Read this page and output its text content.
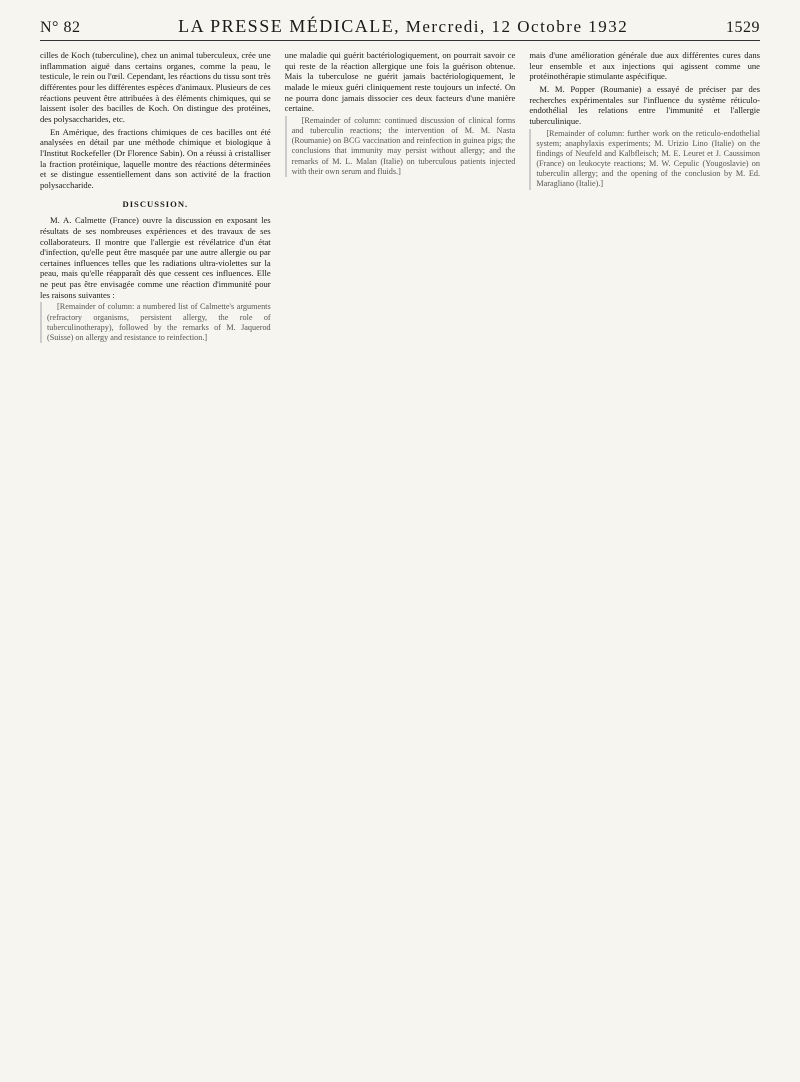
N° 82	LA PRESSE MÉDICALE, Mercredi, 12 Octobre 1932	1529

cilles de Koch (tuberculine), chez un animal tuberculeux, crée une inflammation aiguë dans certains organes, comme la peau, le testicule, le rein ou l'œil. Cependant, les réactions du tissu sont très différentes pour les différentes espèces d'animaux. Plusieurs de ces réactions peuvent être attribuées à des éléments chimiques, qui se laissent isoler des bacilles de Koch. On distingue des protéines, des polysaccharides, etc.

En Amérique, des fractions chimiques de ces bacilles ont été analysées en détail par une méthode chimique et biologique à l'Institut Rockefeller (Dr Florence Sabin). On a réussi à cristalliser la fraction protéinique, laquelle montre des réactions déterminées et se distingue essentiellement dans son activité de la fraction polysaccharide.

DISCUSSION.

M. A. Calmette (France) ouvre la discussion en exposant les résultats de ses nombreuses expériences et des travaux de ses collaborateurs. Il montre que l'allergie est révélatrice d'un état d'infection, qu'elle peut être masquée par une autre allergie ou par certaines influences telles que les radiations ultra-violettes sur la peau, mais qu'elle réapparaît dès que cessent ces influences. Elle ne peut pas être envisagée comme une réaction d'immunité pour les raisons suivantes :

[Remainder of column: a numbered list of Calmette's arguments (refractory organisms, persistent allergy, the role of tuberculinotherapy), followed by the remarks of M. Jaquerod (Suisse) on allergy and resistance to reinfection.]

une maladie qui guérit bactériologiquement, on pourrait savoir ce qui reste de la réaction allergique une fois la guérison obtenue. Mais la tuberculose ne guérit jamais bactériologiquement, le malade le mieux guéri cliniquement reste toujours un infecté. On ne pourra donc jamais dissocier ces deux facteurs d'une manière certaine.

[Remainder of column: continued discussion of clinical forms and tuberculin reactions; the intervention of M. M. Nasta (Roumanie) on BCG vaccination and reinfection in guinea pigs; the conclusions that immunity may persist without allergy; and the remarks of M. L. Malan (Italie) on tuberculous patients injected with their own serum and fluids.]

mais d'une amélioration générale due aux différentes cures dans leur ensemble et aux injections qui agissent comme une protéinothérapie stimulante aspécifique.

M. M. Popper (Roumanie) a essayé de préciser par des recherches expérimentales sur l'influence du système réticulo-endothélial les relations entre l'immunité et l'allergie tuberculinique.

[Remainder of column: further work on the reticulo-endothelial system; anaphylaxis experiments; M. Urizio Lino (Italie) on the findings of Neufeld and Kalbfleisch; M. E. Leuret et J. Caussimon (France) on leukocyte reactions; M. W. Cepulic (Yougoslavie) on tuberculin allergy; and the opening of the conclusion by M. Ed. Maragliano (Italie).]
